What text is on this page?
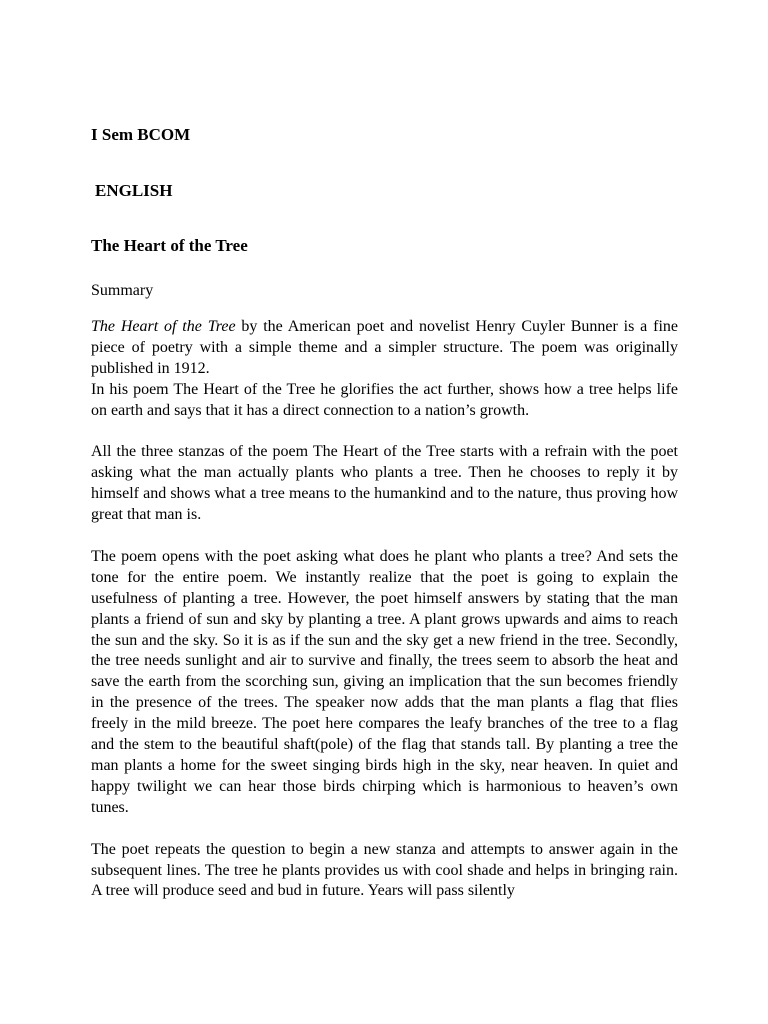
I Sem BCOM
ENGLISH
The Heart of the Tree
Summary

The Heart of the Tree by the American poet and novelist Henry Cuyler Bunner is a fine piece of poetry with a simple theme and a simpler structure. The poem was originally published in 1912.

In his poem The Heart of the Tree he glorifies the act further, shows how a tree helps life on earth and says that it has a direct connection to a nation’s growth.

All the three stanzas of the poem The Heart of the Tree starts with a refrain with the poet asking what the man actually plants who plants a tree. Then he chooses to reply it by himself and shows what a tree means to the humankind and to the nature, thus proving how great that man is.

The poem opens with the poet asking what does he plant who plants a tree? And sets the tone for the entire poem. We instantly realize that the poet is going to explain the usefulness of planting a tree. However, the poet himself answers by stating that the man plants a friend of sun and sky by planting a tree. A plant grows upwards and aims to reach the sun and the sky. So it is as if the sun and the sky get a new friend in the tree. Secondly, the tree needs sunlight and air to survive and finally, the trees seem to absorb the heat and save the earth from the scorching sun, giving an implication that the sun becomes friendly in the presence of the trees. The speaker now adds that the man plants a flag that flies freely in the mild breeze. The poet here compares the leafy branches of the tree to a flag and the stem to the beautiful shaft(pole) of the flag that stands tall. By planting a tree the man plants a home for the sweet singing birds high in the sky, near heaven. In quiet and happy twilight we can hear those birds chirping which is harmonious to heaven’s own tunes.

The poet repeats the question to begin a new stanza and attempts to answer again in the subsequent lines. The tree he plants provides us with cool shade and helps in bringing rain. A tree will produce seed and bud in future. Years will pass silently
